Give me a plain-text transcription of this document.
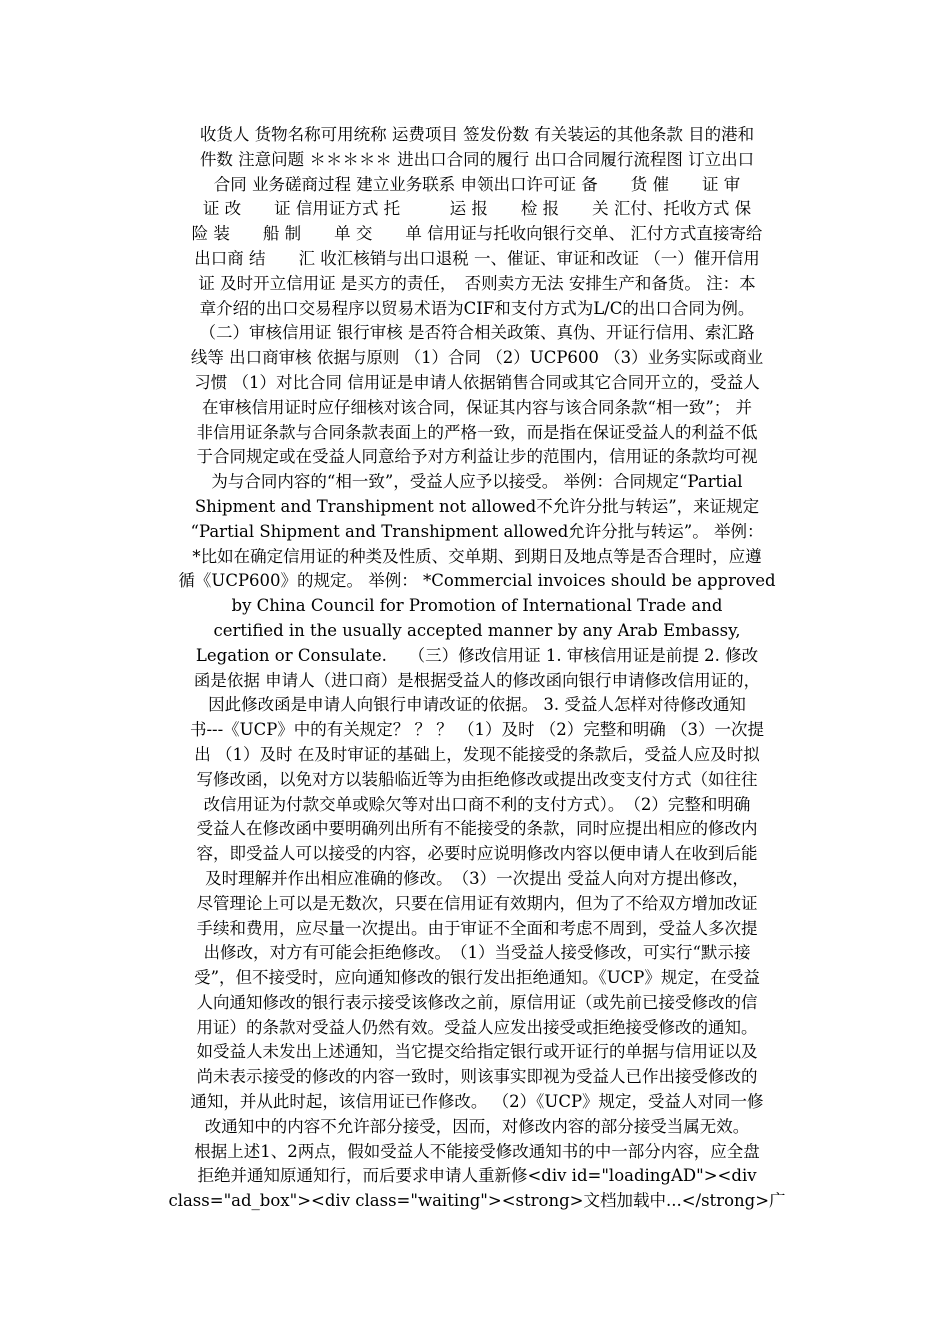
收货人 货物名称可用统称 运费项目 签发份数 有关装运的其他条款 目的港和
件数 注意问题 ＊＊＊＊＊ 进出口合同的履行 出口合同履行流程图 订立出口
合同 业务磋商过程 建立业务联系 申领出口许可证 备　　货 催　　证 审
证 改　　证 信用证方式 托　　　运 报　　检 报　　关 汇付、托收方式 保
险 装　　船 制　　单 交　　单 信用证与托收向银行交单、 汇付方式直接寄给
出口商 结　　汇 收汇核销与出口退税 一、催证、审证和改证 （一）催开信用
证 及时开立信用证 是买方的责任，　否则卖方无法 安排生产和备货。 注：本
章介绍的出口交易程序以贸易术语为CIF和支付方式为L/C的出口合同为例。
（二）审核信用证 银行审核 是否符合相关政策、真伪、开证行信用、索汇路
线等 出口商审核 依据与原则 （1）合同 （2）UCP600 （3）业务实际或商业
习惯 （1）对比合同 信用证是申请人依据销售合同或其它合同开立的，受益人
在审核信用证时应仔细核对该合同，保证其内容与该合同条款“相一致”； 并
非信用证条款与合同条款表面上的严格一致，而是指在保证受益人的利益不低
于合同规定或在受益人同意给予对方利益让步的范围内，信用证的条款均可视
为与合同内容的“相一致”，受益人应予以接受。 举例：合同规定“Partial
Shipment and Transhipment not allowed不允许分批与转运”，来证规定
“Partial Shipment and Transhipment allowed允许分批与转运”。 举例：
*比如在确定信用证的种类及性质、交单期、到期日及地点等是否合理时，应遵
循《UCP600》的规定。 举例： *Commercial invoices should be approved
by China Council for Promotion of International Trade and
certified in the usually accepted manner by any Arab Embassy,
Legation or Consulate.　 （三）修改信用证 1. 审核信用证是前提 2. 修改
函是依据 申请人（进口商）是根据受益人的修改函向银行申请修改信用证的，
因此修改函是申请人向银行申请改证的依据。 3. 受益人怎样对待修改通知
书---《UCP》中的有关规定？ ？ ？ （1）及时 （2）完整和明确 （3）一次提
出 （1）及时 在及时审证的基础上，发现不能接受的条款后，受益人应及时拟
写修改函，以免对方以装船临近等为由拒绝修改或提出改变支付方式（如往往
改信用证为付款交单或赊欠等对出口商不利的支付方式）。　（2）完整和明确
受益人在修改函中要明确列出所有不能接受的条款，同时应提出相应的修改内
容，即受益人可以接受的内容，必要时应说明修改内容以便申请人在收到后能
及时理解并作出相应准确的修改。　（3）一次提出 受益人向对方提出修改，
尽管理论上可以是无数次，只要在信用证有效期内，但为了不给双方增加改证
手续和费用，应尽量一次提出。由于审证不全面和考虑不周到，受益人多次提
出修改，对方有可能会拒绝修改。　（1）当受益人接受修改，可实行“默示接
受”，但不接受时，应向通知修改的银行发出拒绝通知。《UCP》规定，在受益
人向通知修改的银行表示接受该修改之前，原信用证（或先前已接受修改的信
用证）的条款对受益人仍然有效。受益人应发出接受或拒绝接受修改的通知。
如受益人未发出上述通知，当它提交给指定银行或开证行的单据与信用证以及
尚未表示接受的修改的内容一致时，则该事实即视为受益人已作出接受修改的
通知，并从此时起，该信用证已作修改。 （2）《UCP》规定，受益人对同一修
改通知中的内容不允许部分接受，因而，对修改内容的部分接受当属无效。
根据上述1、2两点，假如受益人不能接受修改通知书的中一部分内容，应全盘
拒绝并通知原通知行，而后要求申请人重新修<div id="loadingAD"><div
class="ad_box"><div class="waiting"><strong>文档加载中...</strong>广
